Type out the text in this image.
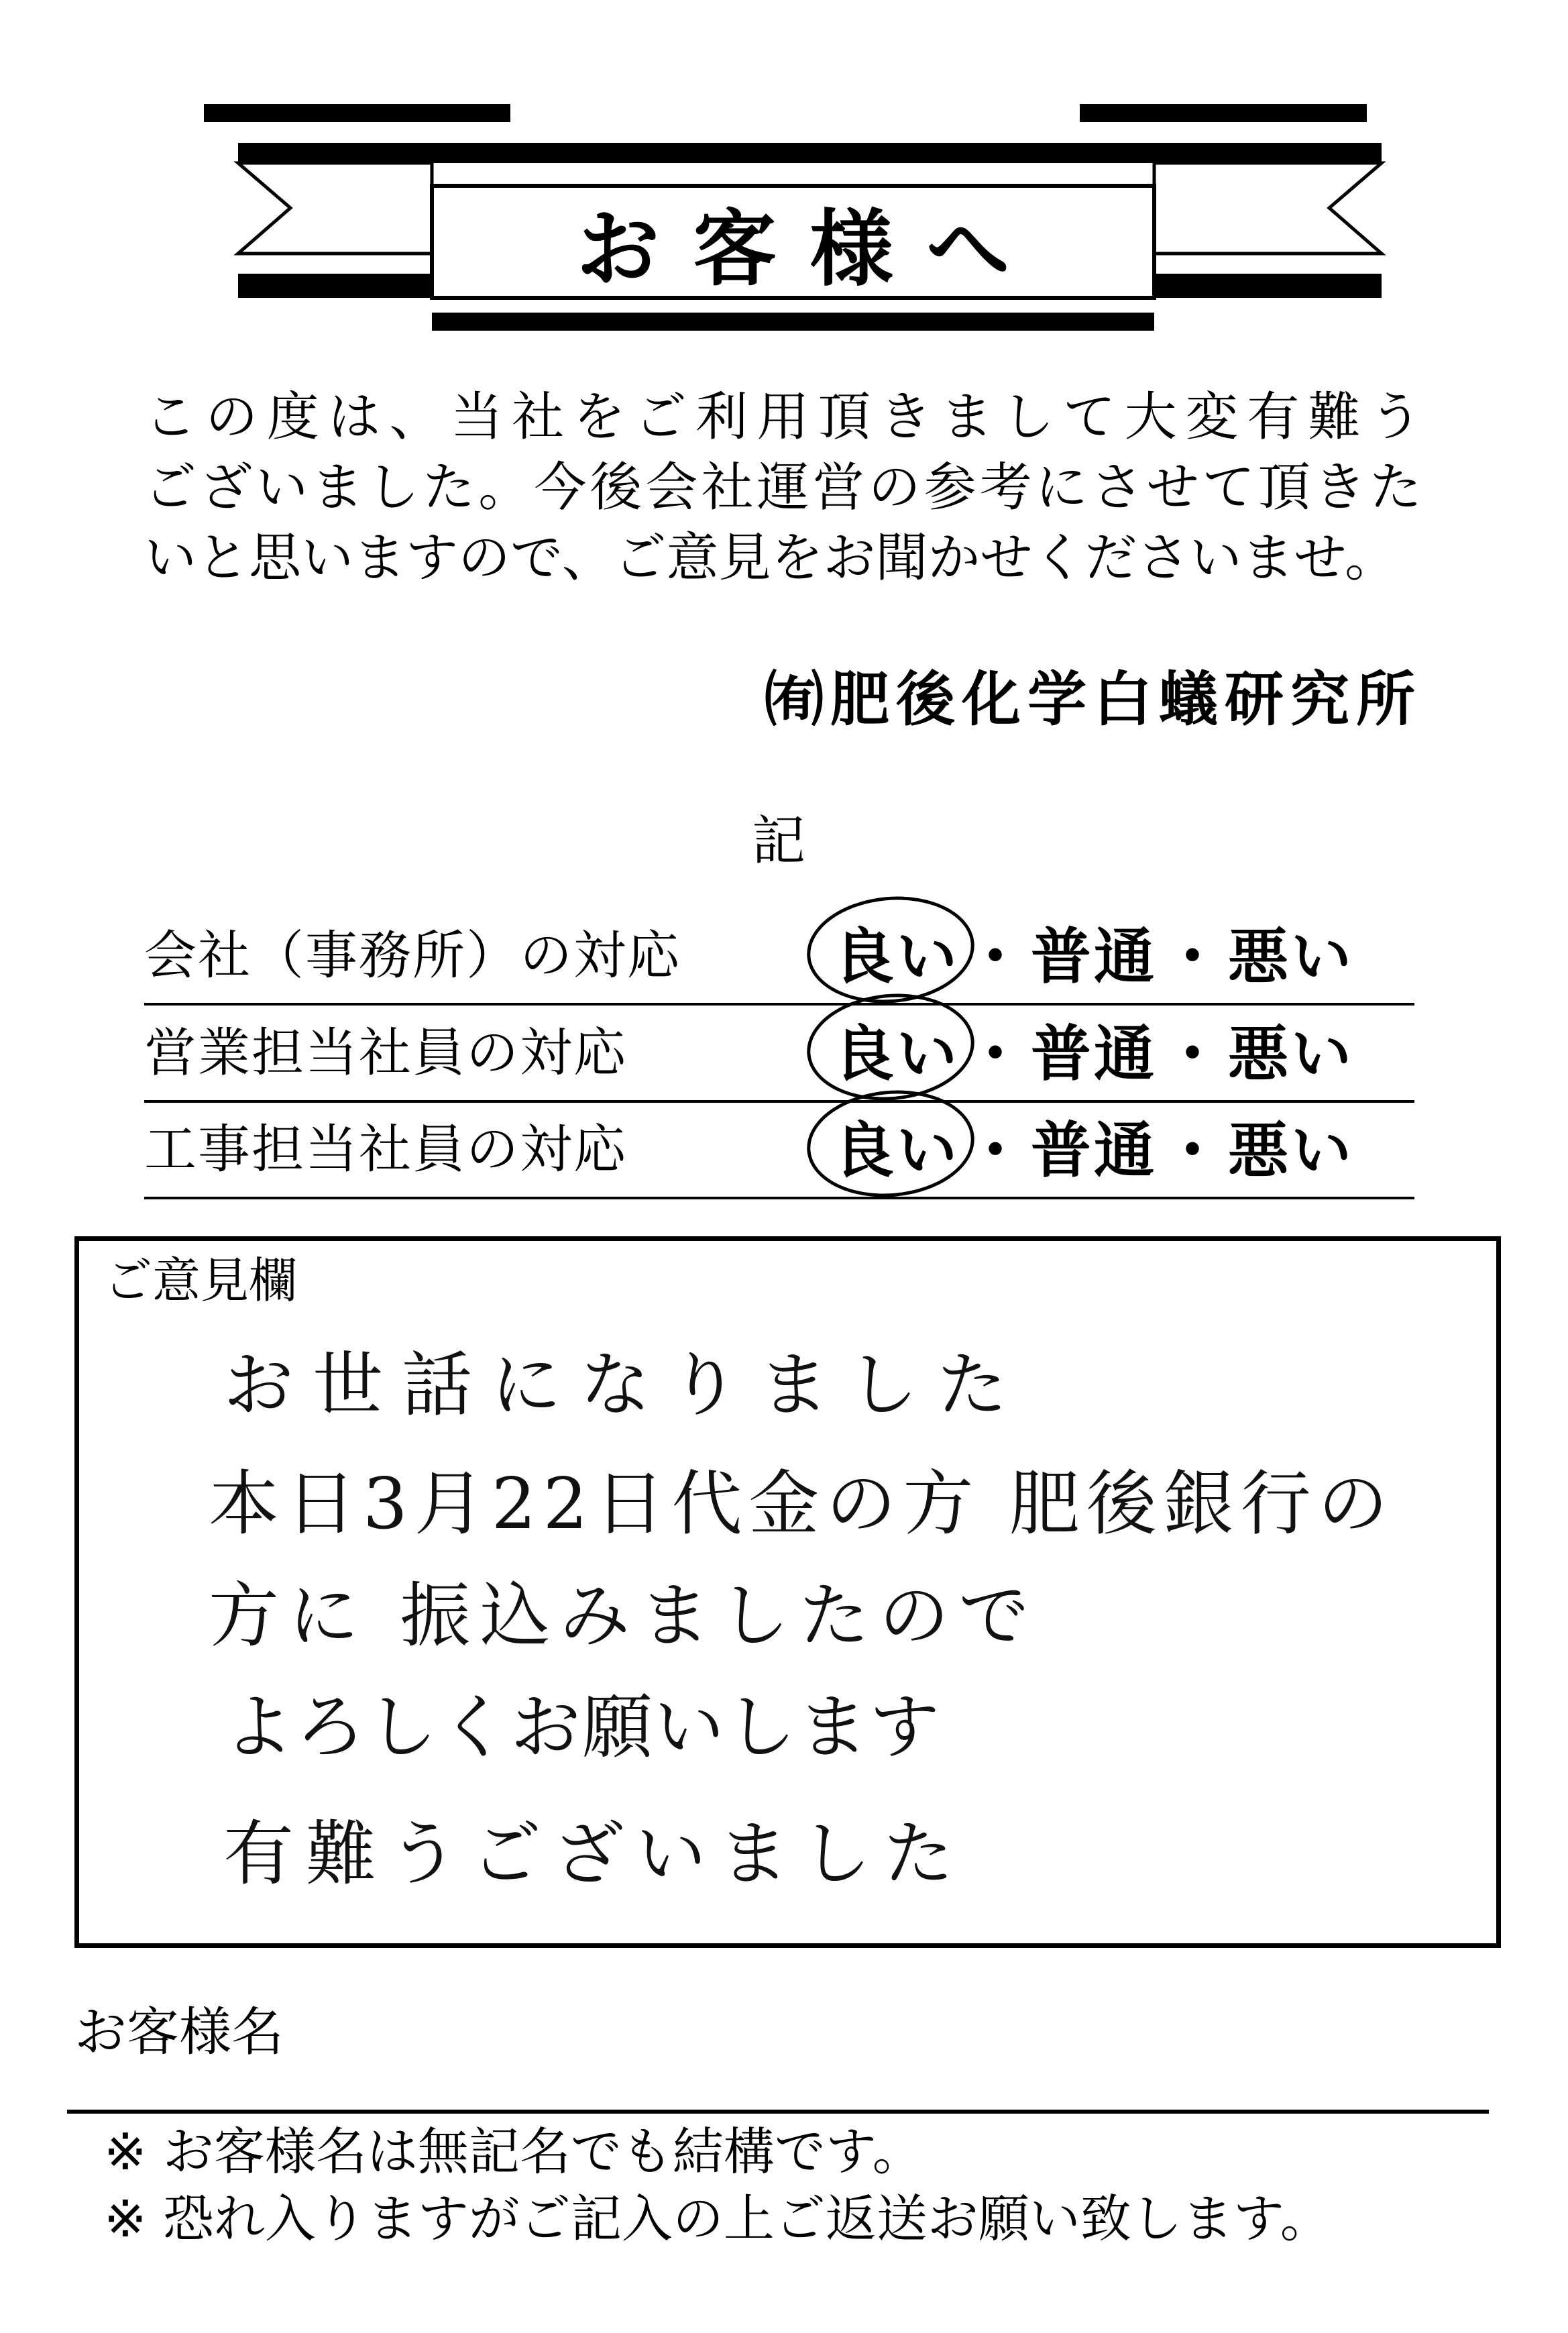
お客様へ
この度は、当社をご利用頂きまして大変有難う
ございました。今後会社運営の参考にさせて頂きた
いと思いますので、ご意見をお聞かせくださいませ。
㈲肥後化学白蟻研究所
記
会社（事務所）の対応	良い ・ 普通 ・ 悪い
営業担当社員の対応	良い ・ 普通 ・ 悪い
工事担当社員の対応	良い ・ 普通 ・ 悪い
ご意見欄
お世話になりました
本日3月22日代金の方 肥後銀行の
方に 振込みましたので
よろしくお願いします
有難うございました
お客様名
※ お客様名は無記名でも結構です。
※ 恐れ入りますがご記入の上ご返送お願い致します。
